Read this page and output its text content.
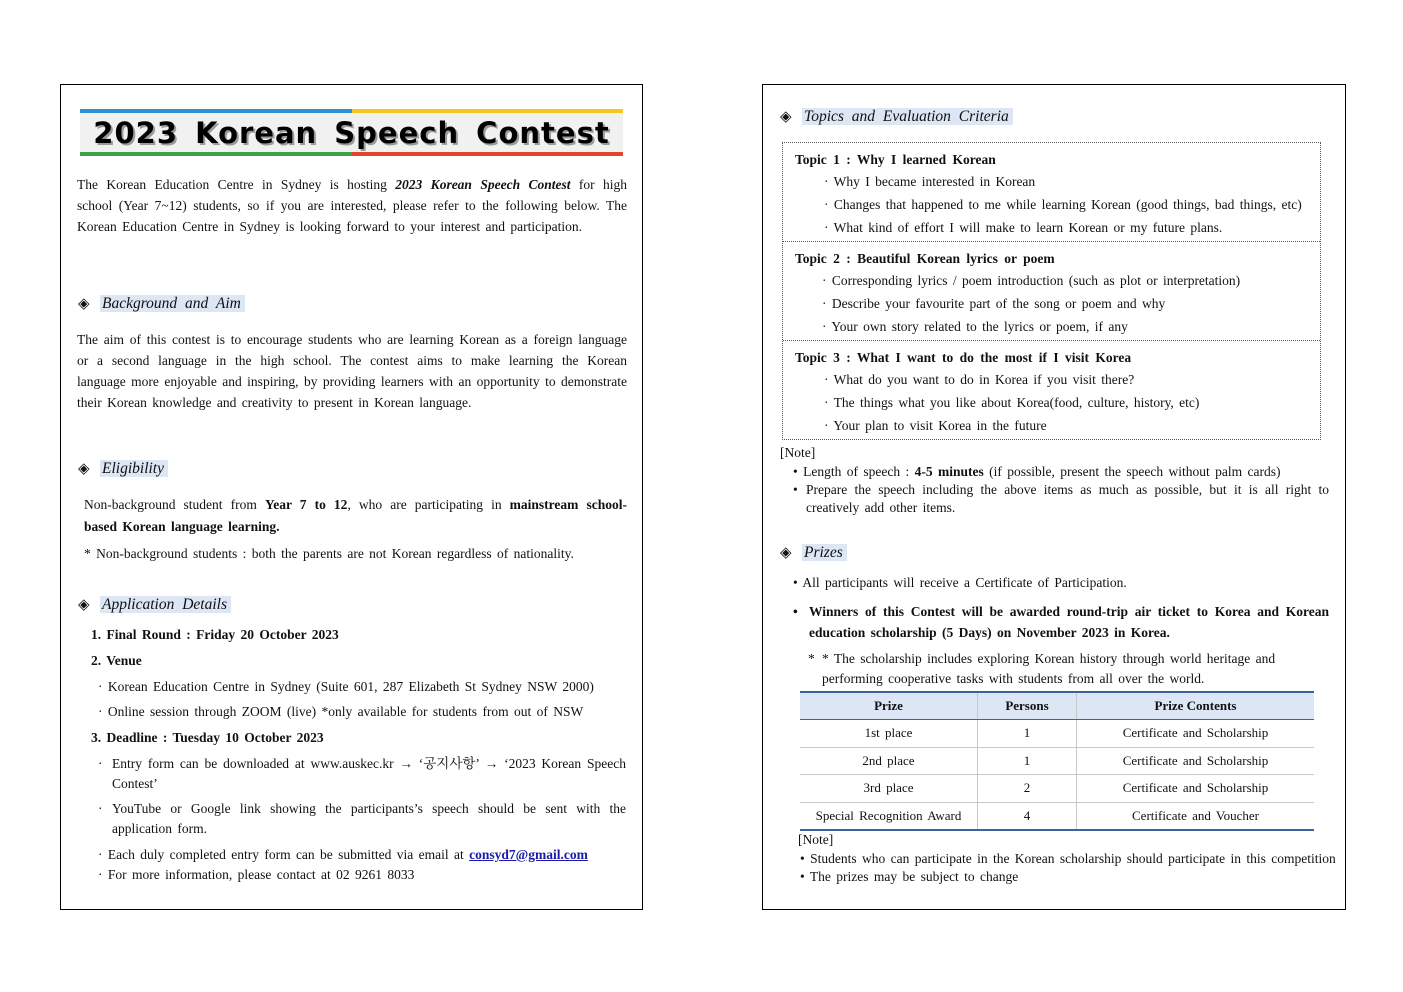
2023 Korean Speech Contest
The Korean Education Centre in Sydney is hosting 2023 Korean Speech Contest for high school (Year 7~12) students, so if you are interested, please refer to the following below. The Korean Education Centre in Sydney is looking forward to your interest and participation.
◈ Background and Aim
The aim of this contest is to encourage students who are learning Korean as a foreign language or a second language in the high school. The contest aims to make learning the Korean language more enjoyable and inspiring, by providing learners with an opportunity to demonstrate their Korean knowledge and creativity to present in Korean language.
◈ Eligibility
Non-background student from Year 7 to 12, who are participating in mainstream school-based Korean language learning.
* Non-background students : both the parents are not Korean regardless of nationality.
◈ Application Details
1. Final Round : Friday 20 October 2023
2. Venue
· Korean Education Centre in Sydney (Suite 601, 287 Elizabeth St Sydney NSW 2000)
· Online session through ZOOM (live) *only available for students from out of NSW
3. Deadline : Tuesday 10 October 2023
· Entry form can be downloaded at www.auskec.kr → ‘공지사항’ → ‘2023 Korean Speech Contest’
· YouTube or Google link showing the participants’s speech should be sent with the application form.
· Each duly completed entry form can be submitted via email at consyd7@gmail.com
· For more information, please contact at 02 9261 8033
◈ Topics and Evaluation Criteria
Topic 1 : Why I learned Korean
· Why I became interested in Korean
· Changes that happened to me while learning Korean (good things, bad things, etc)
· What kind of effort I will make to learn Korean or my future plans.
Topic 2 : Beautiful Korean lyrics or poem
· Corresponding lyrics / poem introduction (such as plot or interpretation)
· Describe your favourite part of the song or poem and why
· Your own story related to the lyrics or poem, if any
Topic 3 : What I want to do the most if I visit Korea
· What do you want to do in Korea if you visit there?
· The things what you like about Korea(food, culture, history, etc)
· Your plan to visit Korea in the future
[Note]
• Length of speech : 4-5 minutes (if possible, present the speech without palm cards)
• Prepare the speech including the above items as much as possible, but it is all right to creatively add other items.
◈ Prizes
• All participants will receive a Certificate of Participation.
• Winners of this Contest will be awarded round-trip air ticket to Korea and Korean education scholarship (5 Days) on November 2023 in Korea.
* * The scholarship includes exploring Korean history through world heritage and performing cooperative tasks with students from all over the world.
Prize	Persons	Prize Contents
1st place	1	Certificate and Scholarship
2nd place	1	Certificate and Scholarship
3rd place	2	Certificate and Scholarship
Special Recognition Award	4	Certificate and Voucher
[Note]
• Students who can participate in the Korean scholarship should participate in this competition
• The prizes may be subject to change
